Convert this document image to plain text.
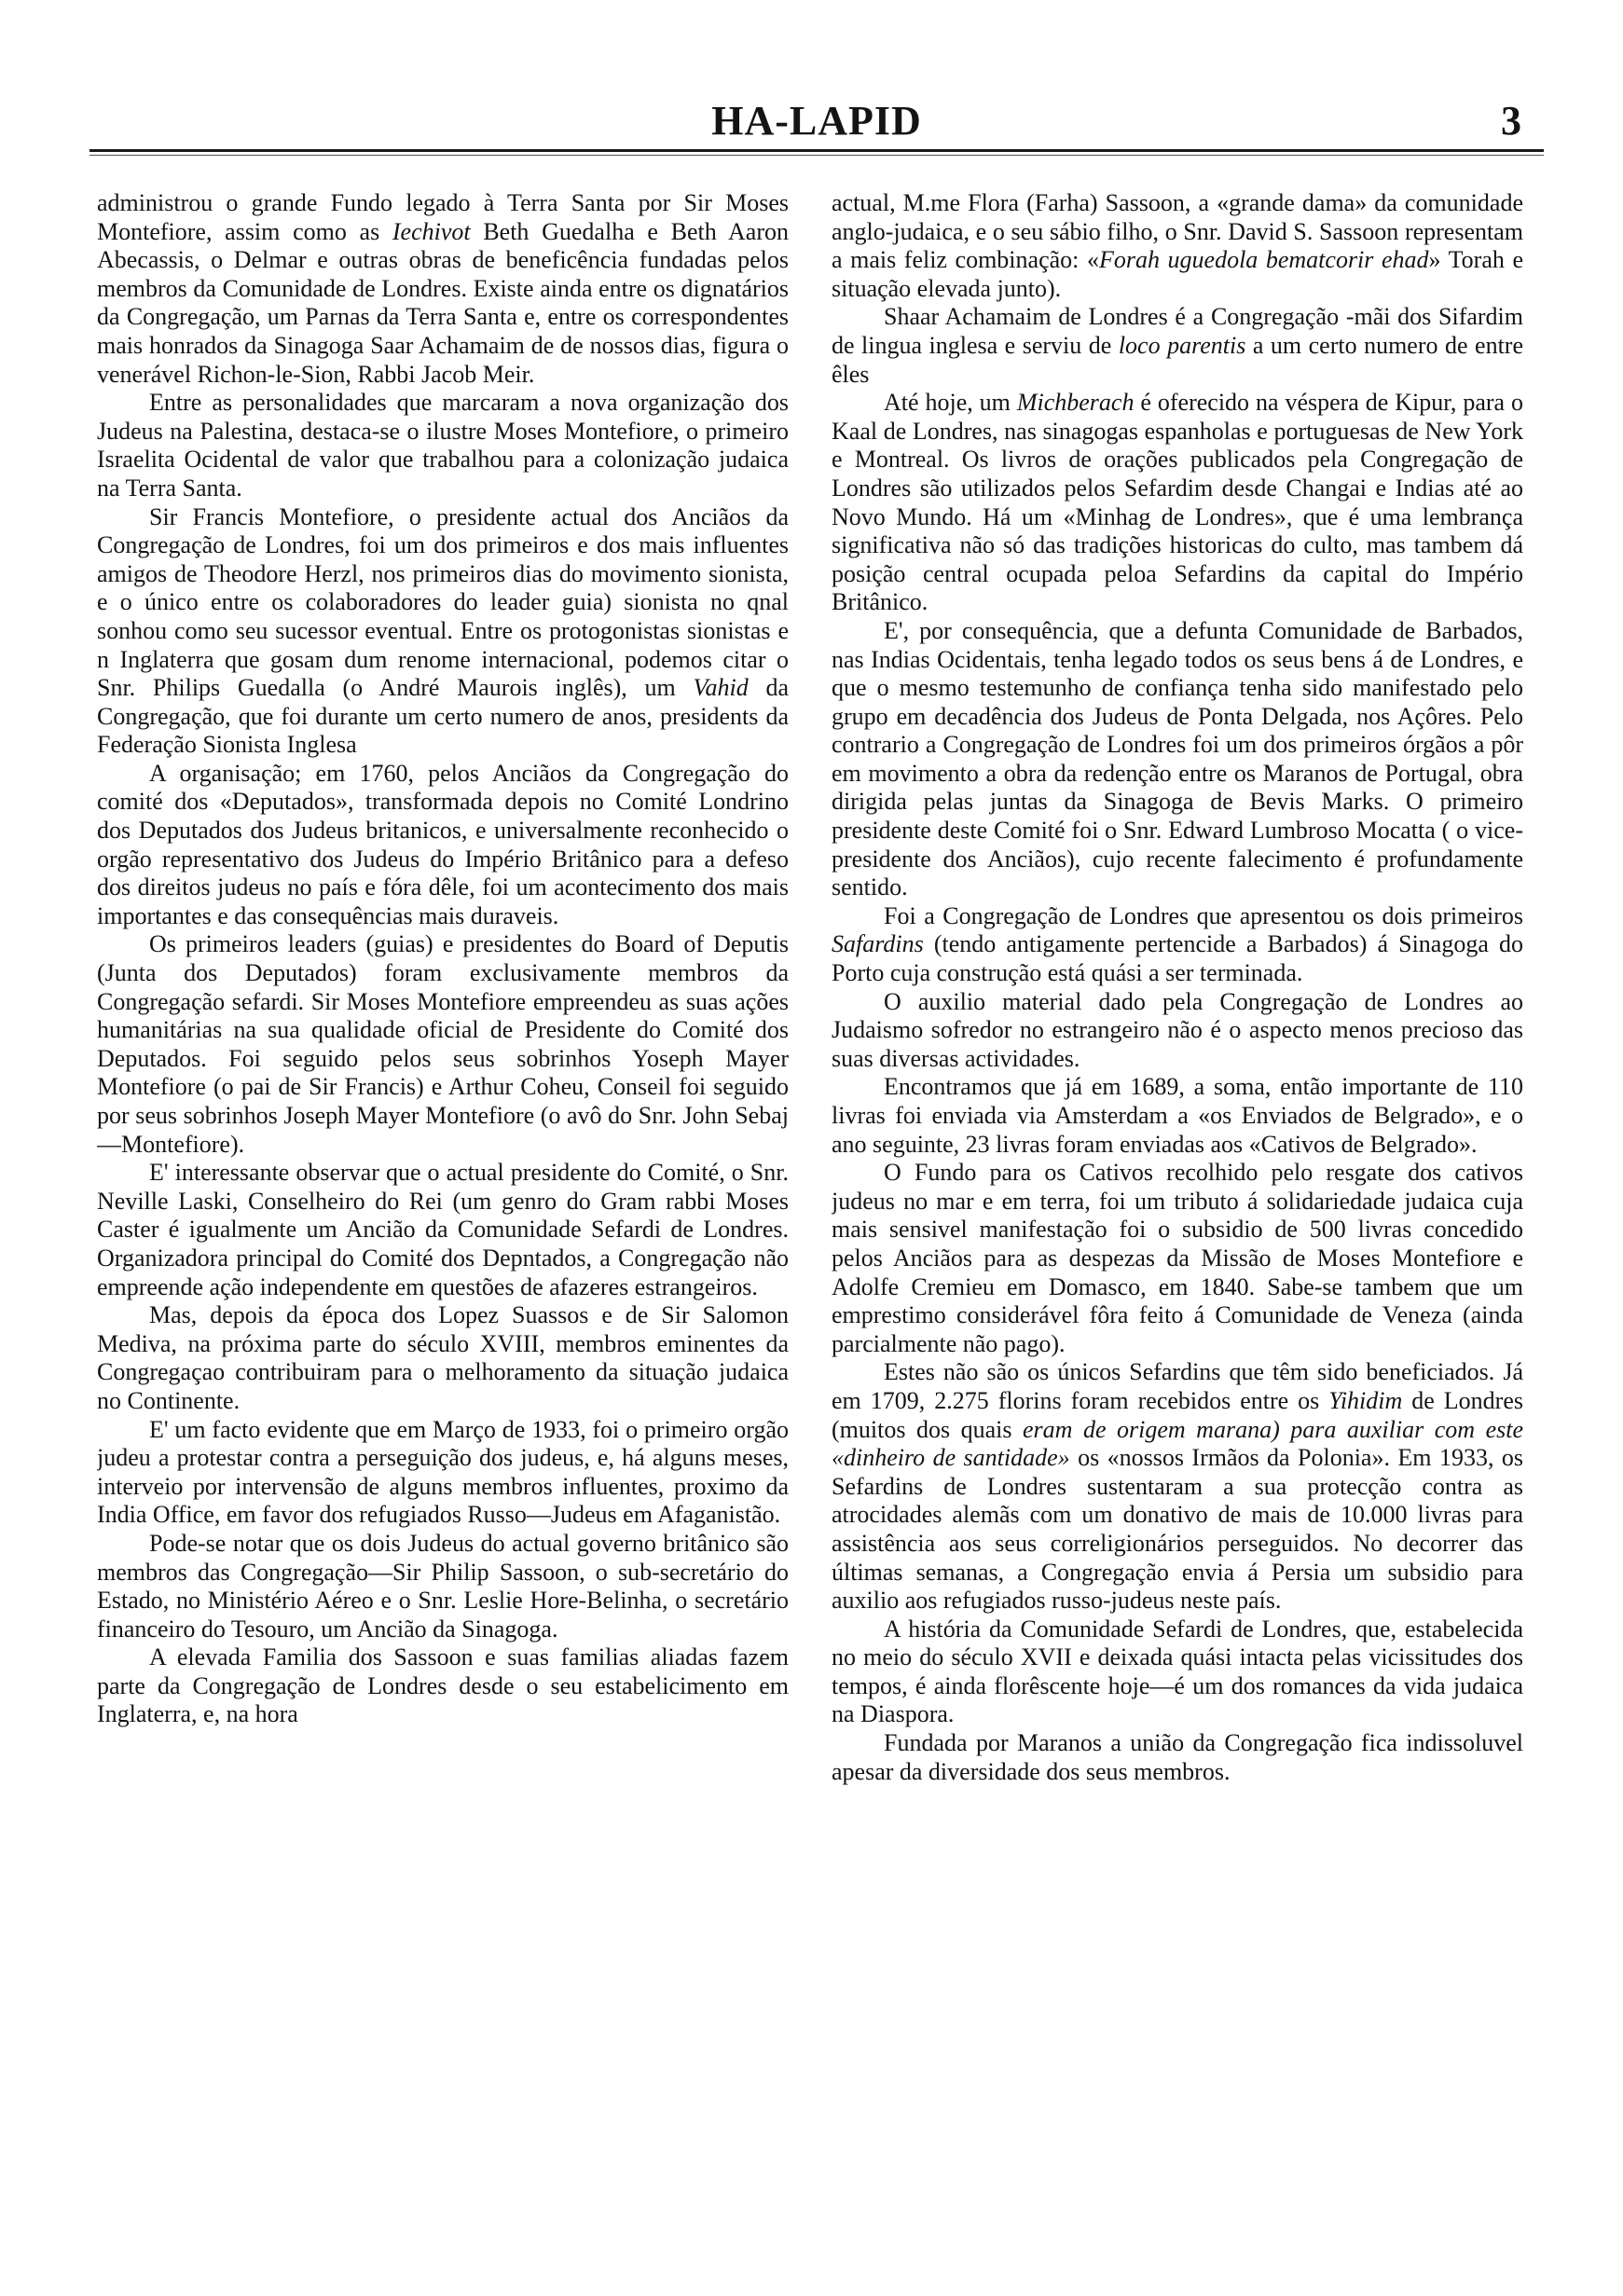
HA-LAPID	3

administrou o grande Fundo legado à Terra Santa por Sir Moses Montefiore, assim como as Iechivot Beth Guedalha e Beth Aaron Abecassis, o Delmar e outras obras de beneficência fundadas pelos membros da Comunidade de Londres. Existe ainda entre os dignatários da Congregação, um Parnas da Terra Santa e, entre os correspondentes mais honrados da Sinagoga Saar Achamaim de de nossos dias, figura o venerável Richon-le-Sion, Rabbi Jacob Meir.

Entre as personalidades que marcaram a nova organização dos Judeus na Palestina, destaca-se o ilustre Moses Montefiore, o primeiro Israelita Ocidental de valor que trabalhou para a colonização judaica na Terra Santa.

Sir Francis Montefiore, o presidente actual dos Anciãos da Congregação de Londres, foi um dos primeiros e dos mais influentes amigos de Theodore Herzl, nos primeiros dias do movimento sionista, e o único entre os colaboradores do leader guia) sionista no qnal sonhou como seu sucessor eventual. Entre os protogonistas sionistas e n Inglaterra que gosam dum renome internacional, podemos citar o Snr. Philips Guedalla (o André Maurois inglês), um Vahid da Congregação, que foi durante um certo numero de anos, presidents da Federação Sionista Inglesa

A organisação; em 1760, pelos Anciãos da Congregação do comité dos «Deputados», transformada depois no Comité Londrino dos Deputados dos Judeus britanicos, e universalmente reconhecido o orgão representativo dos Judeus do Império Britânico para a defeso dos direitos judeus no país e fóra dêle, foi um acontecimento dos mais importantes e das consequências mais duraveis.

Os primeiros leaders (guias) e presidentes do Board of Deputis (Junta dos Deputados) foram exclusivamente membros da Congregação sefardi. Sir Moses Montefiore empreendeu as suas ações humanitárias na sua qualidade oficial de Presidente do Comité dos Deputados. Foi seguido pelos seus sobrinhos Yoseph Mayer Montefiore (o pai de Sir Francis) e Arthur Coheu, Conseil foi seguido por seus sobrinhos Joseph Mayer Montefiore (o avô do Snr. John Sebaj—Montefiore).

E' interessante observar que o actual presidente do Comité, o Snr. Neville Laski, Conselheiro do Rei (um genro do Gram rabbi Moses Caster é igualmente um Ancião da Comunidade Sefardi de Londres. Organizadora principal do Comité dos Depntados, a Congregação não empreende ação independente em questões de afazeres estrangeiros.

Mas, depois da época dos Lopez Suassos e de Sir Salomon Mediva, na próxima parte do século XVIII, membros eminentes da Congregaçao contribuiram para o melhoramento da situação judaica no Continente.

E' um facto evidente que em Março de 1933, foi o primeiro orgão judeu a protestar contra a perseguição dos judeus, e, há alguns meses, interveio por intervensão de alguns membros influentes, proximo da India Office, em favor dos refugiados Russo—Judeus em Afaganistão.

Pode-se notar que os dois Judeus do actual governo britânico são membros das Congregação—Sir Philip Sassoon, o sub-secretário do Estado, no Ministério Aéreo e o Snr. Leslie Hore-Belinha, o secretário financeiro do Tesouro, um Ancião da Sinagoga.

A elevada Familia dos Sassoon e suas familias aliadas fazem parte da Congregação de Londres desde o seu estabelicimento em Inglaterra, e, na hora

actual, M.me Flora (Farha) Sassoon, a «grande dama» da comunidade anglo-judaica, e o seu sábio filho, o Snr. David S. Sassoon representam a mais feliz combinação: «Forah uguedola bematcorir ehad» Torah e situação elevada junto).

Shaar Achamaim de Londres é a Congregação -mãi dos Sifardim de lingua inglesa e serviu de loco parentis a um certo numero de entre êles

Até hoje, um Michberach é oferecido na véspera de Kipur, para o Kaal de Londres, nas sinagogas espanholas e portuguesas de New York e Montreal. Os livros de orações publicados pela Congregação de Londres são utilizados pelos Sefardim desde Changai e Indias até ao Novo Mundo. Há um «Minhag de Londres», que é uma lembrança significativa não só das tradições historicas do culto, mas tambem dá posição central ocupada peloa Sefardins da capital do Império Britânico.

E', por consequência, que a defunta Comunidade de Barbados, nas Indias Ocidentais, tenha legado todos os seus bens á de Londres, e que o mesmo testemunho de confiança tenha sido manifestado pelo grupo em decadência dos Judeus de Ponta Delgada, nos Açôres. Pelo contrario a Congregação de Londres foi um dos primeiros órgãos a pôr em movimento a obra da redenção entre os Maranos de Portugal, obra dirigida pelas juntas da Sinagoga de Bevis Marks. O primeiro presidente deste Comité foi o Snr. Edward Lumbroso Mocatta ( o vice-presidente dos Anciãos), cujo recente falecimento é profundamente sentido.

Foi a Congregação de Londres que apresentou os dois primeiros Safardins (tendo antigamente pertencide a Barbados) á Sinagoga do Porto cuja construção está quási a ser terminada.

O auxilio material dado pela Congregação de Londres ao Judaismo sofredor no estrangeiro não é o aspecto menos precioso das suas diversas actividades.

Encontramos que já em 1689, a soma, então importante de 110 livras foi enviada via Amsterdam a «os Enviados de Belgrado», e o ano seguinte, 23 livras foram enviadas aos «Cativos de Belgrado».

O Fundo para os Cativos recolhido pelo resgate dos cativos judeus no mar e em terra, foi um tributo á solidariedade judaica cuja mais sensivel manifestação foi o subsidio de 500 livras concedido pelos Anciãos para as despezas da Missão de Moses Montefiore e Adolfe Cremieu em Domasco, em 1840. Sabe-se tambem que um emprestimo considerável fôra feito á Comunidade de Veneza (ainda parcialmente não pago).

Estes não são os únicos Sefardins que têm sido beneficiados. Já em 1709, 2.275 florins foram recebidos entre os Yihidim de Londres (muitos dos quais eram de origem marana) para auxiliar com este «dinheiro de santidade» os «nossos Irmãos da Polonia». Em 1933, os Sefardins de Londres sustentaram a sua protecção contra as atrocidades alemãs com um donativo de mais de 10.000 livras para assistência aos seus correligionários perseguidos. No decorrer das últimas semanas, a Congregação envia á Persia um subsidio para auxilio aos refugiados russo-judeus neste país.

A história da Comunidade Sefardi de Londres, que, estabelecida no meio do século XVII e deixada quási intacta pelas vicissitudes dos tempos, é ainda florêscente hoje—é um dos romances da vida judaica na Diaspora.

Fundada por Maranos a união da Congregação fica indissoluvel apesar da diversidade dos seus membros.
